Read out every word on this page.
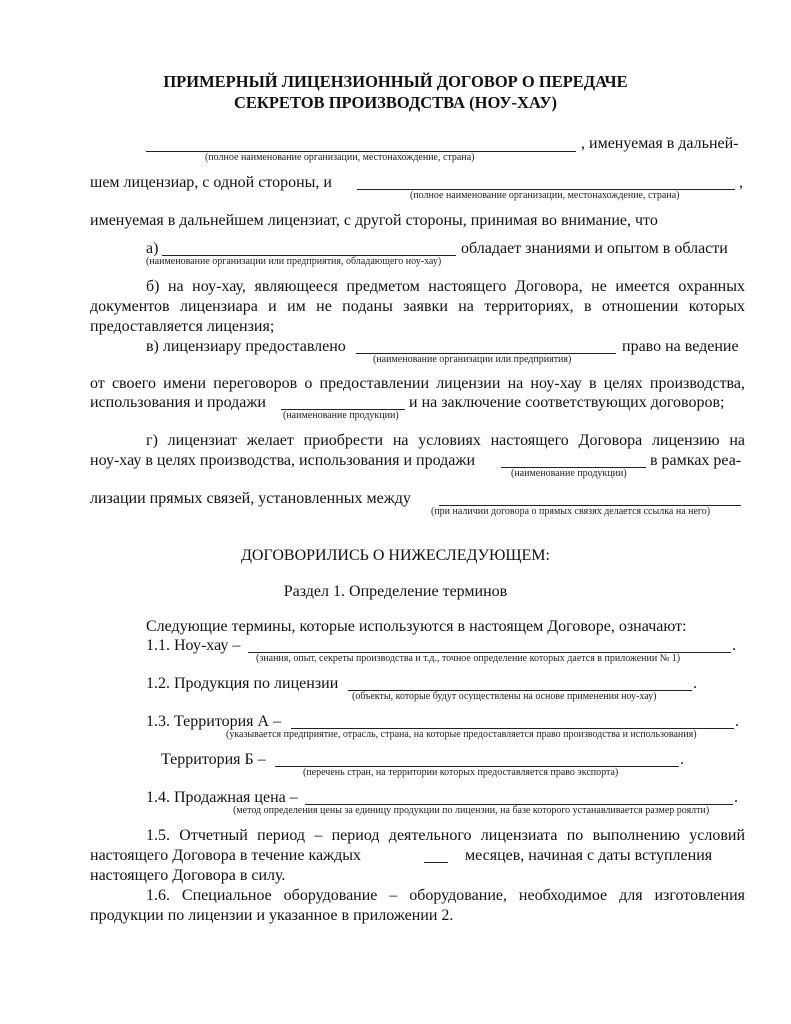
ПРИМЕРНЫЙ ЛИЦЕНЗИОННЫЙ ДОГОВОР О ПЕРЕДАЧЕ
СЕКРЕТОВ ПРОИЗВОДСТВА (НОУ-ХАУ)
, именуемая в дальней-
(полное наименование организации, местонахождение, страна)
шем лицензиар, с одной стороны, и	,
(полное наименование организации, местонахождение, страна)
именуемая в дальнейшем лицензиат, с другой стороны, принимая во внимание, что
а)	обладает знаниями и опытом в области
(наименование организации или предприятия, обладающего ноу-хау)
б) на ноу-хау, являющееся предметом настоящего Договора, не имеется охранных
документов лицензиара и им не поданы заявки на территориях, в отношении которых
предоставляется лицензия;
в) лицензиару предоставлено	право на ведение
(наименование организации или предприятия)
от своего имени переговоров о предоставлении лицензии на ноу-хау в целях производства,
использования и продажи	и на заключение соответствующих договоров;
(наименование продукции)
г) лицензиат желает приобрести на условиях настоящего Договора лицензию на
ноу-хау в целях производства, использования и продажи	в рамках реа-
(наименование продукции)
лизации прямых связей, установленных между
(при наличии договора о прямых связях делается ссылка на него)
ДОГОВОРИЛИСЬ О НИЖЕСЛЕДУЮЩЕМ:
Раздел 1. Определение терминов
Следующие термины, которые используются в настоящем Договоре, означают:
1.1. Ноу-хау –	.
(знания, опыт, секреты производства и т.д., точное определение которых дается в приложении № 1)
1.2. Продукция по лицензии	.
(объекты, которые будут осуществлены на основе применения ноу-хау)
1.3. Территория А –	.
(указывается предприятие, отрасль, страна, на которые предоставляется право производства и использования)
Территория Б –	.
(перечень стран, на территории которых предоставляется право экспорта)
1.4. Продажная цена –	.
(метод определения цены за единицу продукции по лицензии, на базе которого устанавливается размер роялти)
1.5. Отчетный период – период деятельного лицензиата по выполнению условий
настоящего Договора в течение каждых	месяцев, начиная с даты вступления
настоящего Договора в силу.
1.6. Специальное оборудование – оборудование, необходимое для изготовления
продукции по лицензии и указанное в приложении 2.
